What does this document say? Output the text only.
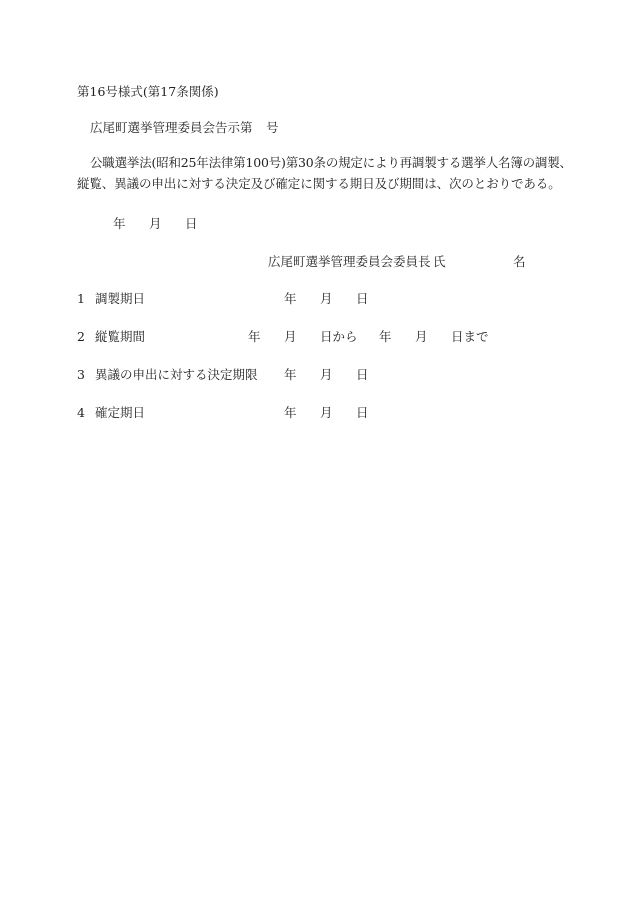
第16号様式(第17条関係)
広尾町選挙管理委員会告示第 号
公職選挙法(昭和25年法律第100号)第30条の規定により再調製する選挙人名簿の調製、
縦覧、異議の申出に対する決定及び確定に関する期日及び期間は、次のとおりである。
年 月 日
広尾町選挙管理委員会委員長 氏	名
1 調製期日	年 月 日
2 縦覧期間	年 月 日から 年 月 日まで
3 異議の申出に対する決定期限 年 月 日
4 確定期日	年 月 日
